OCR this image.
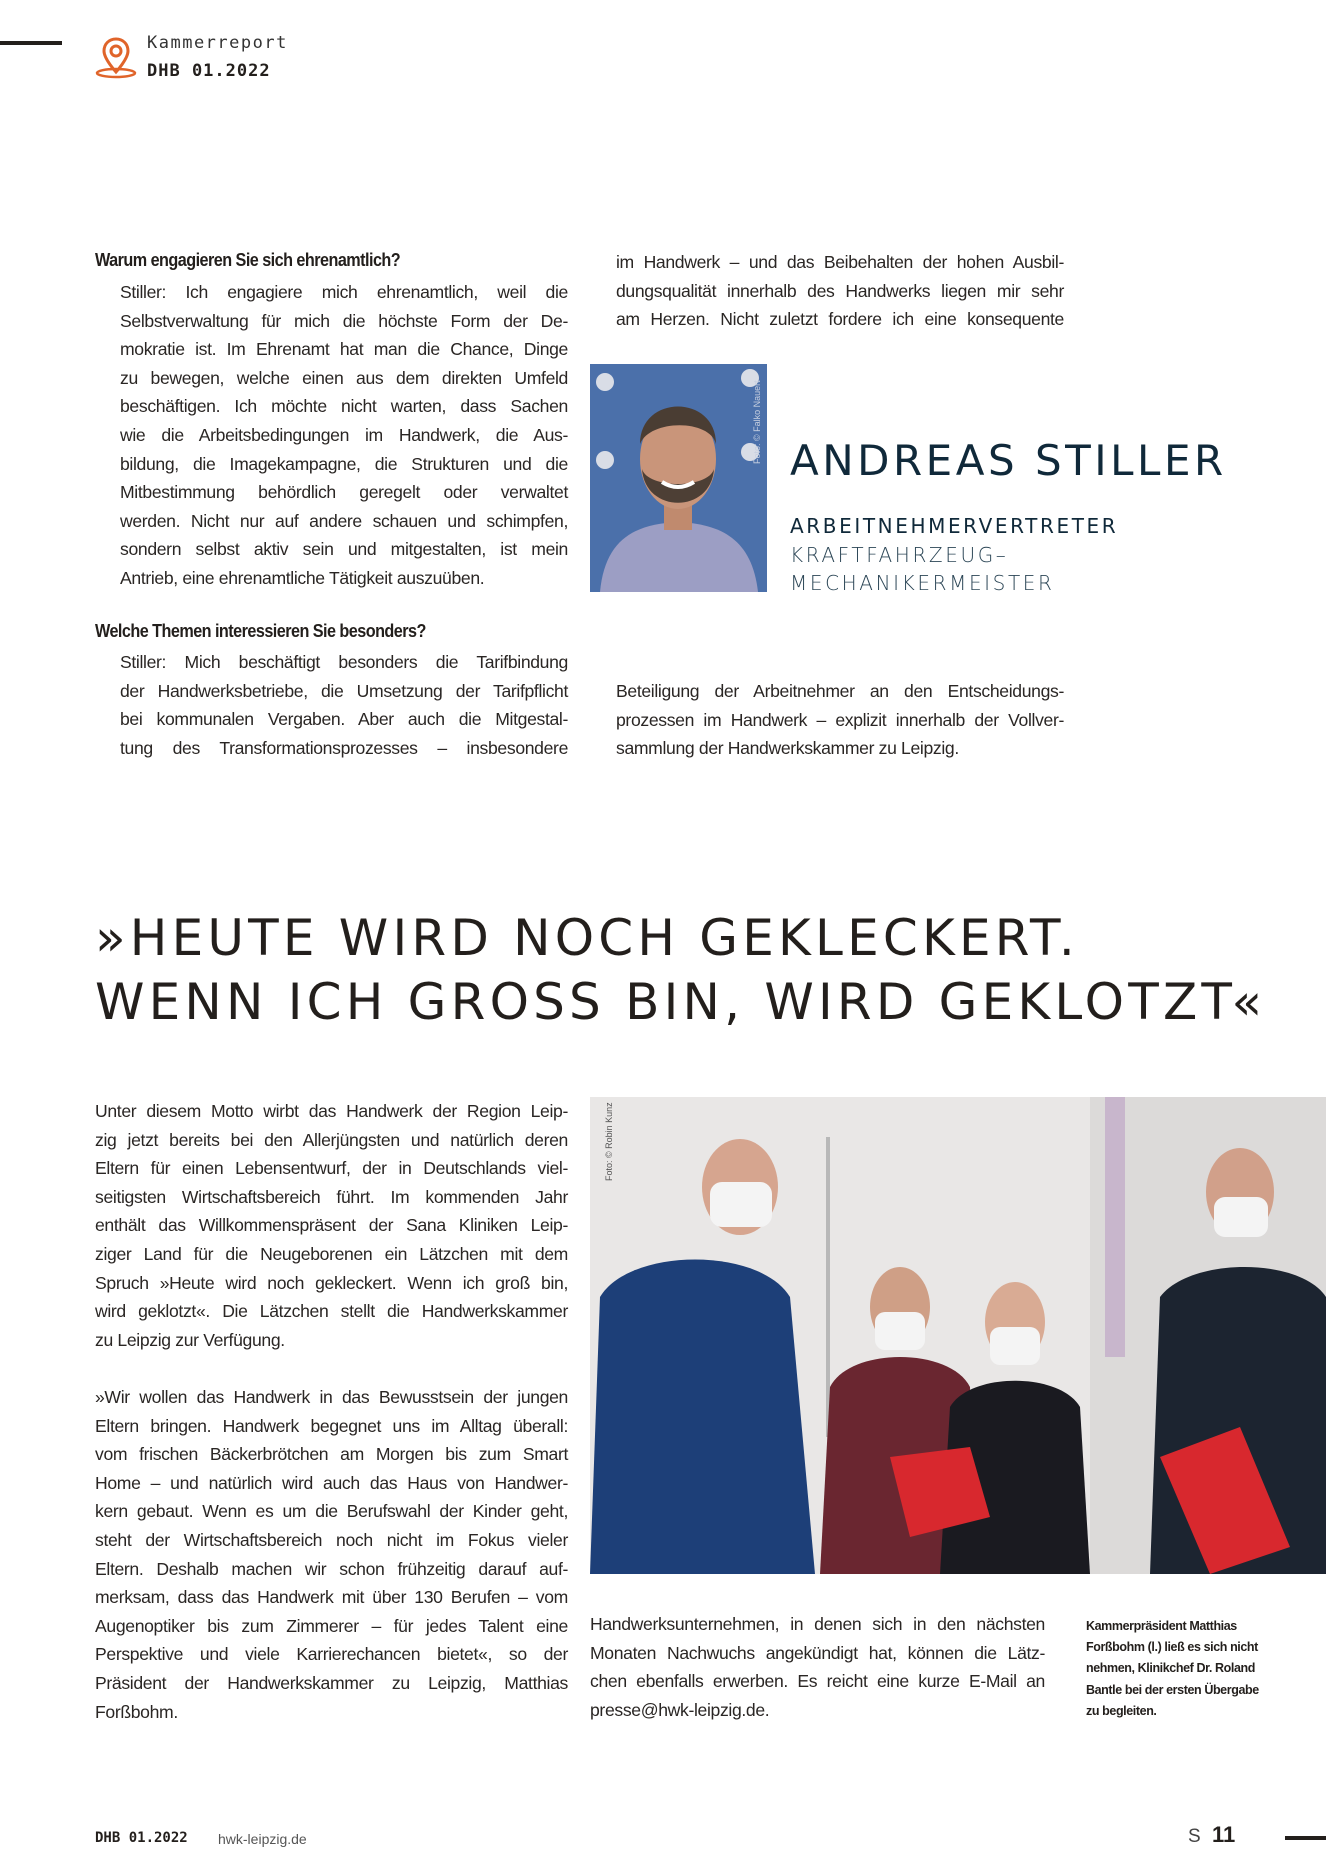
Kammerreport
DHB 01.2022
Warum engagieren Sie sich ehrenamtlich?
Stiller: Ich engagiere mich ehrenamtlich, weil die
Selbstverwaltung für mich die höchste Form der De-
mokratie ist. Im Ehrenamt hat man die Chance, Dinge
zu bewegen, welche einen aus dem direkten Umfeld
beschäftigen. Ich möchte nicht warten, dass Sachen
wie die Arbeitsbedingungen im Handwerk, die Aus-
bildung, die Imagekampagne, die Strukturen und die
Mitbestimmung behördlich geregelt oder verwaltet
werden. Nicht nur auf andere schauen und schimpfen,
sondern selbst aktiv sein und mitgestalten, ist mein
Antrieb, eine ehrenamtliche Tätigkeit auszuüben.
Welche Themen interessieren Sie besonders?
Stiller: Mich beschäftigt besonders die Tarifbindung
der Handwerksbetriebe, die Umsetzung der Tarifpflicht
bei kommunalen Vergaben. Aber auch die Mitgestal-
tung des Transformationsprozesses – insbesondere
im Handwerk – und das Beibehalten der hohen Ausbil-
dungsqualität innerhalb des Handwerks liegen mir sehr
am Herzen. Nicht zuletzt fordere ich eine konsequente
Foto: © Falko Nauert ANDREAS STILLER
ARBEITNEHMERVERTRETER
KRAFTFAHRZEUG–
MECHANIKERMEISTER
Beteiligung der Arbeitnehmer an den Entscheidungs-
prozessen im Handwerk – explizit innerhalb der Vollver-
sammlung der Handwerkskammer zu Leipzig.
»HEUTE WIRD NOCH GEKLECKERT.
WENN ICH GROSS BIN, WIRD GEKLOTZT«
Unter diesem Motto wirbt das Handwerk der Region Leip-
zig jetzt bereits bei den Allerjüngsten und natürlich deren
Eltern für einen Lebensentwurf, der in Deutschlands viel-
seitigsten Wirtschaftsbereich führt. Im kommenden Jahr
enthält das Willkommenspräsent der Sana Kliniken Leip-
ziger Land für die Neugeborenen ein Lätzchen mit dem
Spruch »Heute wird noch gekleckert. Wenn ich groß bin,
wird geklotzt«. Die Lätzchen stellt die Handwerkskammer
zu Leipzig zur Verfügung.
»Wir wollen das Handwerk in das Bewusstsein der jungen
Eltern bringen. Handwerk begegnet uns im Alltag überall:
vom frischen Bäckerbrötchen am Morgen bis zum Smart
Home – und natürlich wird auch das Haus von Handwer-
kern gebaut. Wenn es um die Berufswahl der Kinder geht,
steht der Wirtschaftsbereich noch nicht im Fokus vieler
Eltern. Deshalb machen wir schon frühzeitig darauf auf-
merksam, dass das Handwerk mit über 130 Berufen – vom
Augenoptiker bis zum Zimmerer – für jedes Talent eine
Perspektive und viele Karrierechancen bietet«, so der
Präsident der Handwerkskammer zu Leipzig, Matthias
Forßbohm.
Foto: © Robin Kunz
Handwerksunternehmen, in denen sich in den nächsten
Monaten Nachwuchs angekündigt hat, können die Lätz-
chen ebenfalls erwerben. Es reicht eine kurze E-Mail an
presse@hwk-leipzig.de.
Kammerpräsident Matthias
Forßbohm (l.) ließ es sich nicht
nehmen, Klinikchef Dr. Roland
Bantle bei der ersten Übergabe
zu begleiten.
DHB 01.2022 hwk-leipzig.de	S 11
